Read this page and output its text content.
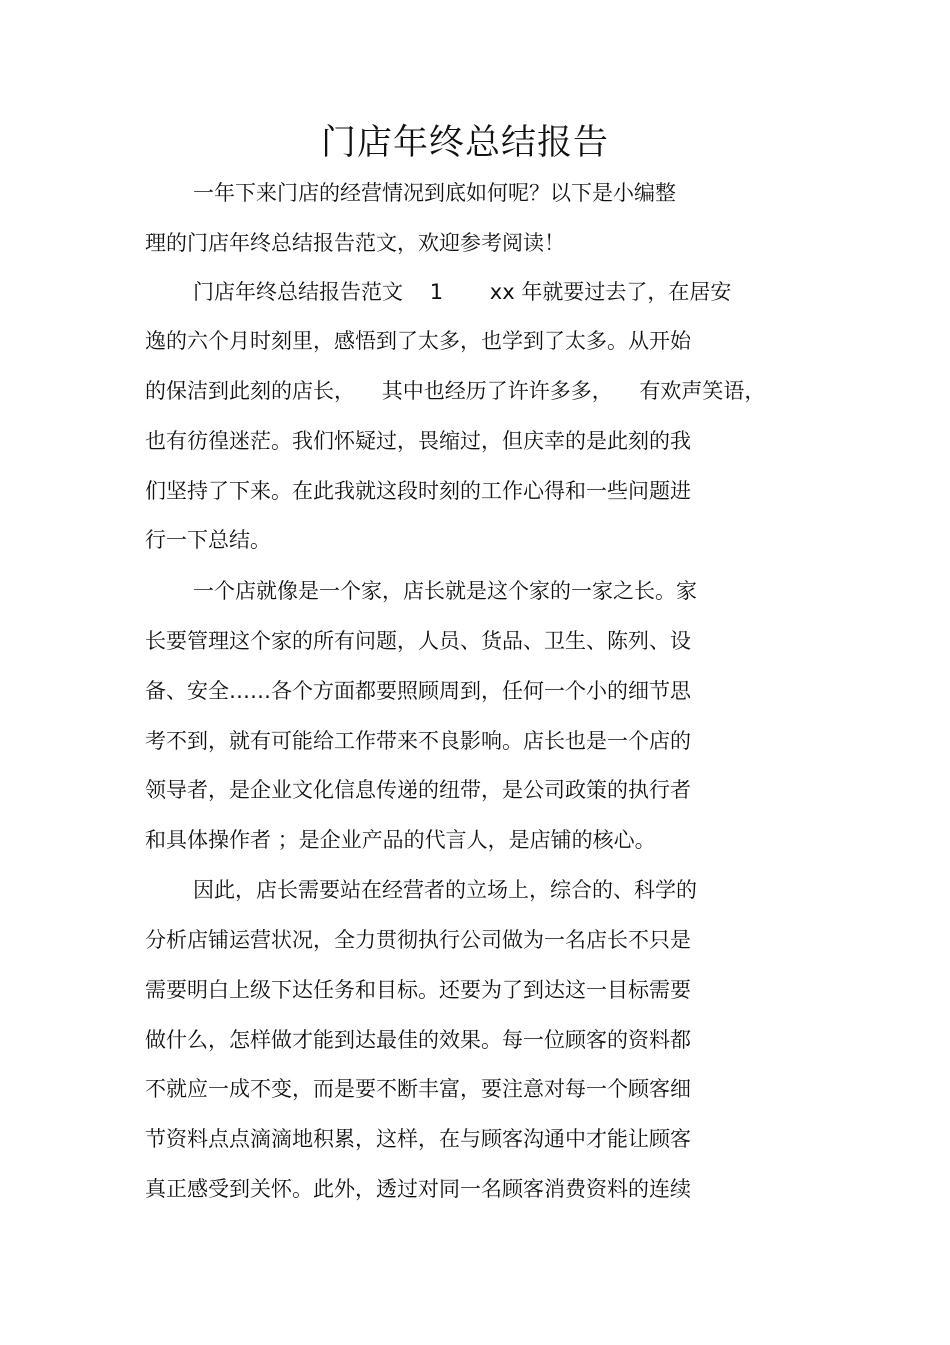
门店年终总结报告
一年下来门店的经营情况到底如何呢？以下是小编整
理的门店年终总结报告范文，欢迎参考阅读！
门店年终总结报告范文    1       xx 年就要过去了，在居安
逸的六个月时刻里，感悟到了太多，也学到了太多。从开始
的保洁到此刻的店长，    其中也经历了许许多多，    有欢声笑语，
也有彷徨迷茫。我们怀疑过，畏缩过，但庆幸的是此刻的我
们坚持了下来。在此我就这段时刻的工作心得和一些问题进
行一下总结。
一个店就像是一个家，店长就是这个家的一家之长。家
长要管理这个家的所有问题，人员、货品、卫生、陈列、设
备、安全……各个方面都要照顾周到，任何一个小的细节思
考不到，就有可能给工作带来不良影响。店长也是一个店的
领导者，是企业文化信息传递的纽带，是公司政策的执行者
和具体操作者 ；是企业产品的代言人，是店铺的核心。
因此，店长需要站在经营者的立场上，综合的、科学的
分析店铺运营状况，全力贯彻执行公司做为一名店长不只是
需要明白上级下达任务和目标。还要为了到达这一目标需要
做什么，怎样做才能到达最佳的效果。每一位顾客的资料都
不就应一成不变，而是要不断丰富，要注意对每一个顾客细
节资料点点滴滴地积累，这样，在与顾客沟通中才能让顾客
真正感受到关怀。此外，透过对同一名顾客消费资料的连续
